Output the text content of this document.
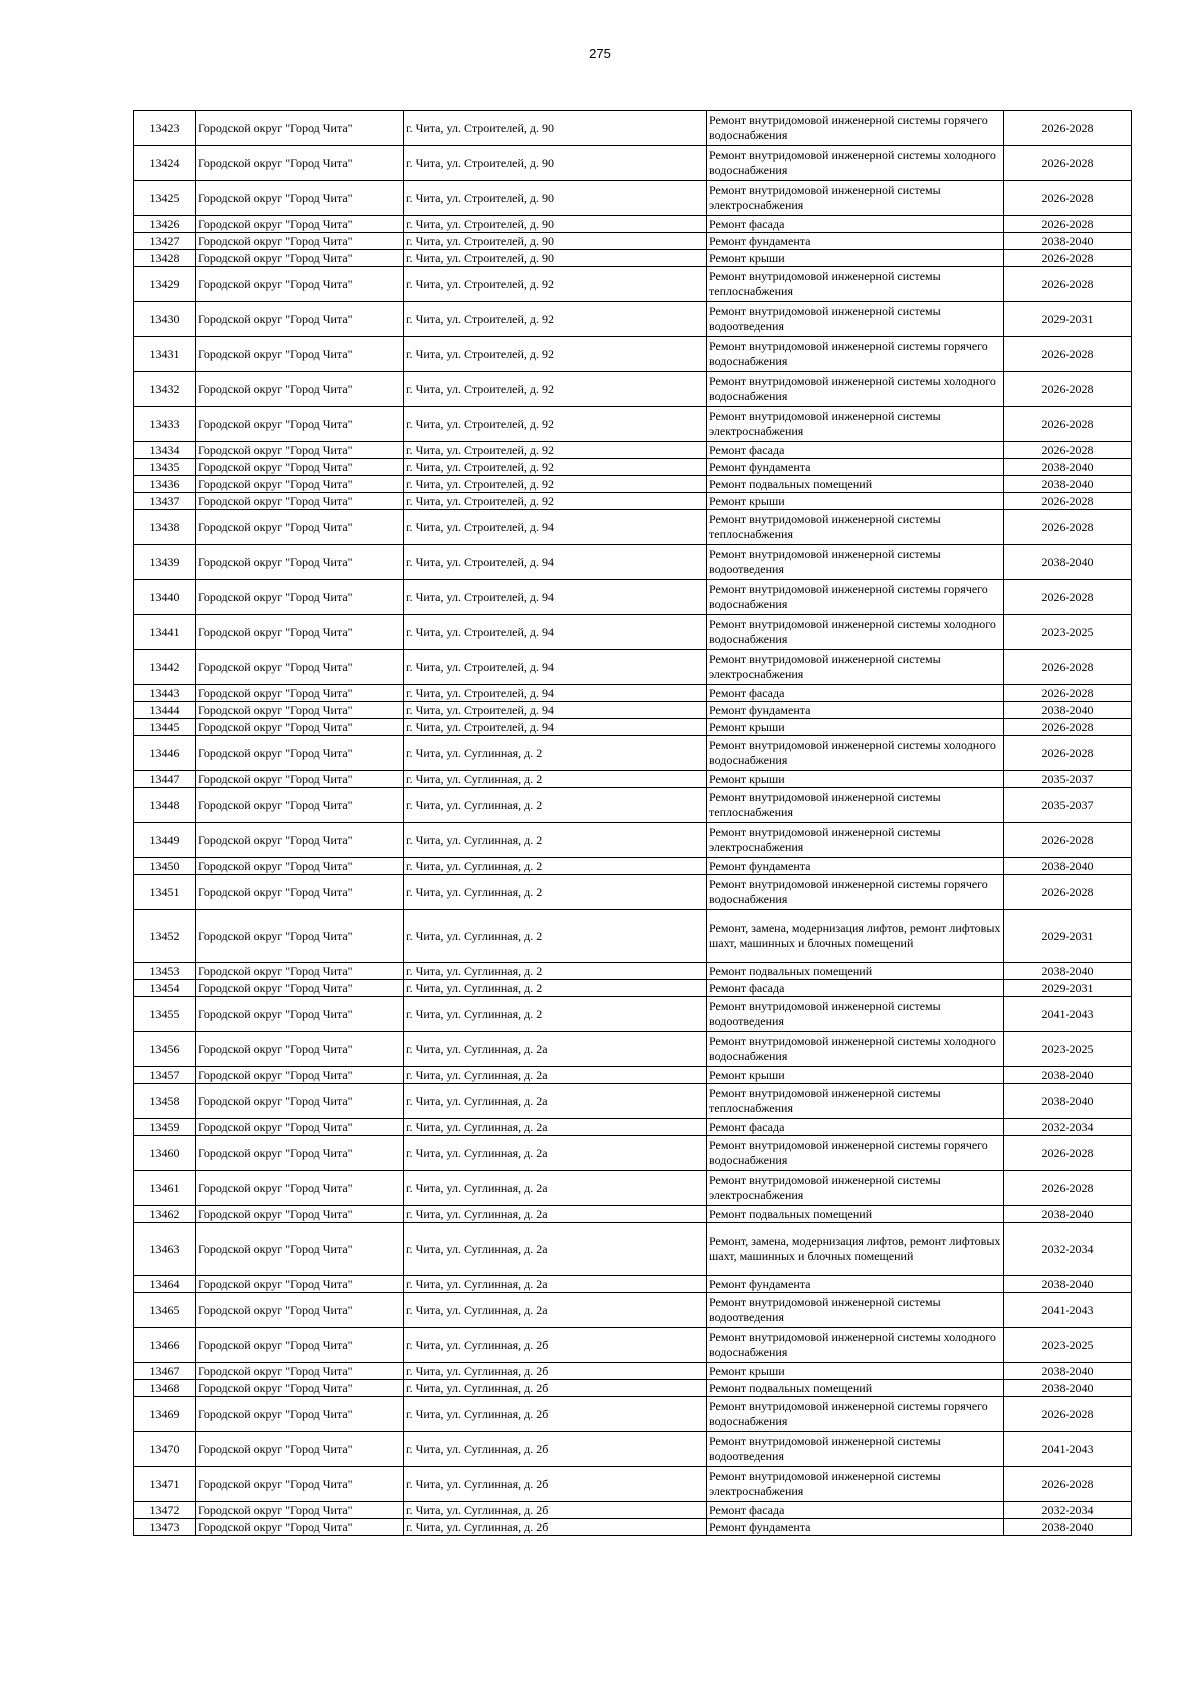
275
13423	Городской округ "Город Чита"	г. Чита, ул. Строителей, д. 90	Ремонт внутридомовой инженерной системы горячего водоснабжения	2026-2028
13424	Городской округ "Город Чита"	г. Чита, ул. Строителей, д. 90	Ремонт внутридомовой инженерной системы холодного водоснабжения	2026-2028
13425	Городской округ "Город Чита"	г. Чита, ул. Строителей, д. 90	Ремонт внутридомовой инженерной системы электроснабжения	2026-2028
13426	Городской округ "Город Чита"	г. Чита, ул. Строителей, д. 90	Ремонт фасада	2026-2028
13427	Городской округ "Город Чита"	г. Чита, ул. Строителей, д. 90	Ремонт фундамента	2038-2040
13428	Городской округ "Город Чита"	г. Чита, ул. Строителей, д. 90	Ремонт крыши	2026-2028
13429	Городской округ "Город Чита"	г. Чита, ул. Строителей, д. 92	Ремонт внутридомовой инженерной системы теплоснабжения	2026-2028
13430	Городской округ "Город Чита"	г. Чита, ул. Строителей, д. 92	Ремонт внутридомовой инженерной системы водоотведения	2029-2031
13431	Городской округ "Город Чита"	г. Чита, ул. Строителей, д. 92	Ремонт внутридомовой инженерной системы горячего водоснабжения	2026-2028
13432	Городской округ "Город Чита"	г. Чита, ул. Строителей, д. 92	Ремонт внутридомовой инженерной системы холодного водоснабжения	2026-2028
13433	Городской округ "Город Чита"	г. Чита, ул. Строителей, д. 92	Ремонт внутридомовой инженерной системы электроснабжения	2026-2028
13434	Городской округ "Город Чита"	г. Чита, ул. Строителей, д. 92	Ремонт фасада	2026-2028
13435	Городской округ "Город Чита"	г. Чита, ул. Строителей, д. 92	Ремонт фундамента	2038-2040
13436	Городской округ "Город Чита"	г. Чита, ул. Строителей, д. 92	Ремонт подвальных помещений	2038-2040
13437	Городской округ "Город Чита"	г. Чита, ул. Строителей, д. 92	Ремонт крыши	2026-2028
13438	Городской округ "Город Чита"	г. Чита, ул. Строителей, д. 94	Ремонт внутридомовой инженерной системы теплоснабжения	2026-2028
13439	Городской округ "Город Чита"	г. Чита, ул. Строителей, д. 94	Ремонт внутридомовой инженерной системы водоотведения	2038-2040
13440	Городской округ "Город Чита"	г. Чита, ул. Строителей, д. 94	Ремонт внутридомовой инженерной системы горячего водоснабжения	2026-2028
13441	Городской округ "Город Чита"	г. Чита, ул. Строителей, д. 94	Ремонт внутридомовой инженерной системы холодного водоснабжения	2023-2025
13442	Городской округ "Город Чита"	г. Чита, ул. Строителей, д. 94	Ремонт внутридомовой инженерной системы электроснабжения	2026-2028
13443	Городской округ "Город Чита"	г. Чита, ул. Строителей, д. 94	Ремонт фасада	2026-2028
13444	Городской округ "Город Чита"	г. Чита, ул. Строителей, д. 94	Ремонт фундамента	2038-2040
13445	Городской округ "Город Чита"	г. Чита, ул. Строителей, д. 94	Ремонт крыши	2026-2028
13446	Городской округ "Город Чита"	г. Чита, ул. Суглинная, д. 2	Ремонт внутридомовой инженерной системы холодного водоснабжения	2026-2028
13447	Городской округ "Город Чита"	г. Чита, ул. Суглинная, д. 2	Ремонт крыши	2035-2037
13448	Городской округ "Город Чита"	г. Чита, ул. Суглинная, д. 2	Ремонт внутридомовой инженерной системы теплоснабжения	2035-2037
13449	Городской округ "Город Чита"	г. Чита, ул. Суглинная, д. 2	Ремонт внутридомовой инженерной системы электроснабжения	2026-2028
13450	Городской округ "Город Чита"	г. Чита, ул. Суглинная, д. 2	Ремонт фундамента	2038-2040
13451	Городской округ "Город Чита"	г. Чита, ул. Суглинная, д. 2	Ремонт внутридомовой инженерной системы горячего водоснабжения	2026-2028
13452	Городской округ "Город Чита"	г. Чита, ул. Суглинная, д. 2	Ремонт, замена, модернизация лифтов, ремонт лифтовых шахт, машинных и блочных помещений	2029-2031
13453	Городской округ "Город Чита"	г. Чита, ул. Суглинная, д. 2	Ремонт подвальных помещений	2038-2040
13454	Городской округ "Город Чита"	г. Чита, ул. Суглинная, д. 2	Ремонт фасада	2029-2031
13455	Городской округ "Город Чита"	г. Чита, ул. Суглинная, д. 2	Ремонт внутридомовой инженерной системы водоотведения	2041-2043
13456	Городской округ "Город Чита"	г. Чита, ул. Суглинная, д. 2а	Ремонт внутридомовой инженерной системы холодного водоснабжения	2023-2025
13457	Городской округ "Город Чита"	г. Чита, ул. Суглинная, д. 2а	Ремонт крыши	2038-2040
13458	Городской округ "Город Чита"	г. Чита, ул. Суглинная, д. 2а	Ремонт внутридомовой инженерной системы теплоснабжения	2038-2040
13459	Городской округ "Город Чита"	г. Чита, ул. Суглинная, д. 2а	Ремонт фасада	2032-2034
13460	Городской округ "Город Чита"	г. Чита, ул. Суглинная, д. 2а	Ремонт внутридомовой инженерной системы горячего водоснабжения	2026-2028
13461	Городской округ "Город Чита"	г. Чита, ул. Суглинная, д. 2а	Ремонт внутридомовой инженерной системы электроснабжения	2026-2028
13462	Городской округ "Город Чита"	г. Чита, ул. Суглинная, д. 2а	Ремонт подвальных помещений	2038-2040
13463	Городской округ "Город Чита"	г. Чита, ул. Суглинная, д. 2а	Ремонт, замена, модернизация лифтов, ремонт лифтовых шахт, машинных и блочных помещений	2032-2034
13464	Городской округ "Город Чита"	г. Чита, ул. Суглинная, д. 2а	Ремонт фундамента	2038-2040
13465	Городской округ "Город Чита"	г. Чита, ул. Суглинная, д. 2а	Ремонт внутридомовой инженерной системы водоотведения	2041-2043
13466	Городской округ "Город Чита"	г. Чита, ул. Суглинная, д. 2б	Ремонт внутридомовой инженерной системы холодного водоснабжения	2023-2025
13467	Городской округ "Город Чита"	г. Чита, ул. Суглинная, д. 2б	Ремонт крыши	2038-2040
13468	Городской округ "Город Чита"	г. Чита, ул. Суглинная, д. 2б	Ремонт подвальных помещений	2038-2040
13469	Городской округ "Город Чита"	г. Чита, ул. Суглинная, д. 2б	Ремонт внутридомовой инженерной системы горячего водоснабжения	2026-2028
13470	Городской округ "Город Чита"	г. Чита, ул. Суглинная, д. 2б	Ремонт внутридомовой инженерной системы водоотведения	2041-2043
13471	Городской округ "Город Чита"	г. Чита, ул. Суглинная, д. 2б	Ремонт внутридомовой инженерной системы электроснабжения	2026-2028
13472	Городской округ "Город Чита"	г. Чита, ул. Суглинная, д. 2б	Ремонт фасада	2032-2034
13473	Городской округ "Город Чита"	г. Чита, ул. Суглинная, д. 2б	Ремонт фундамента	2038-2040
